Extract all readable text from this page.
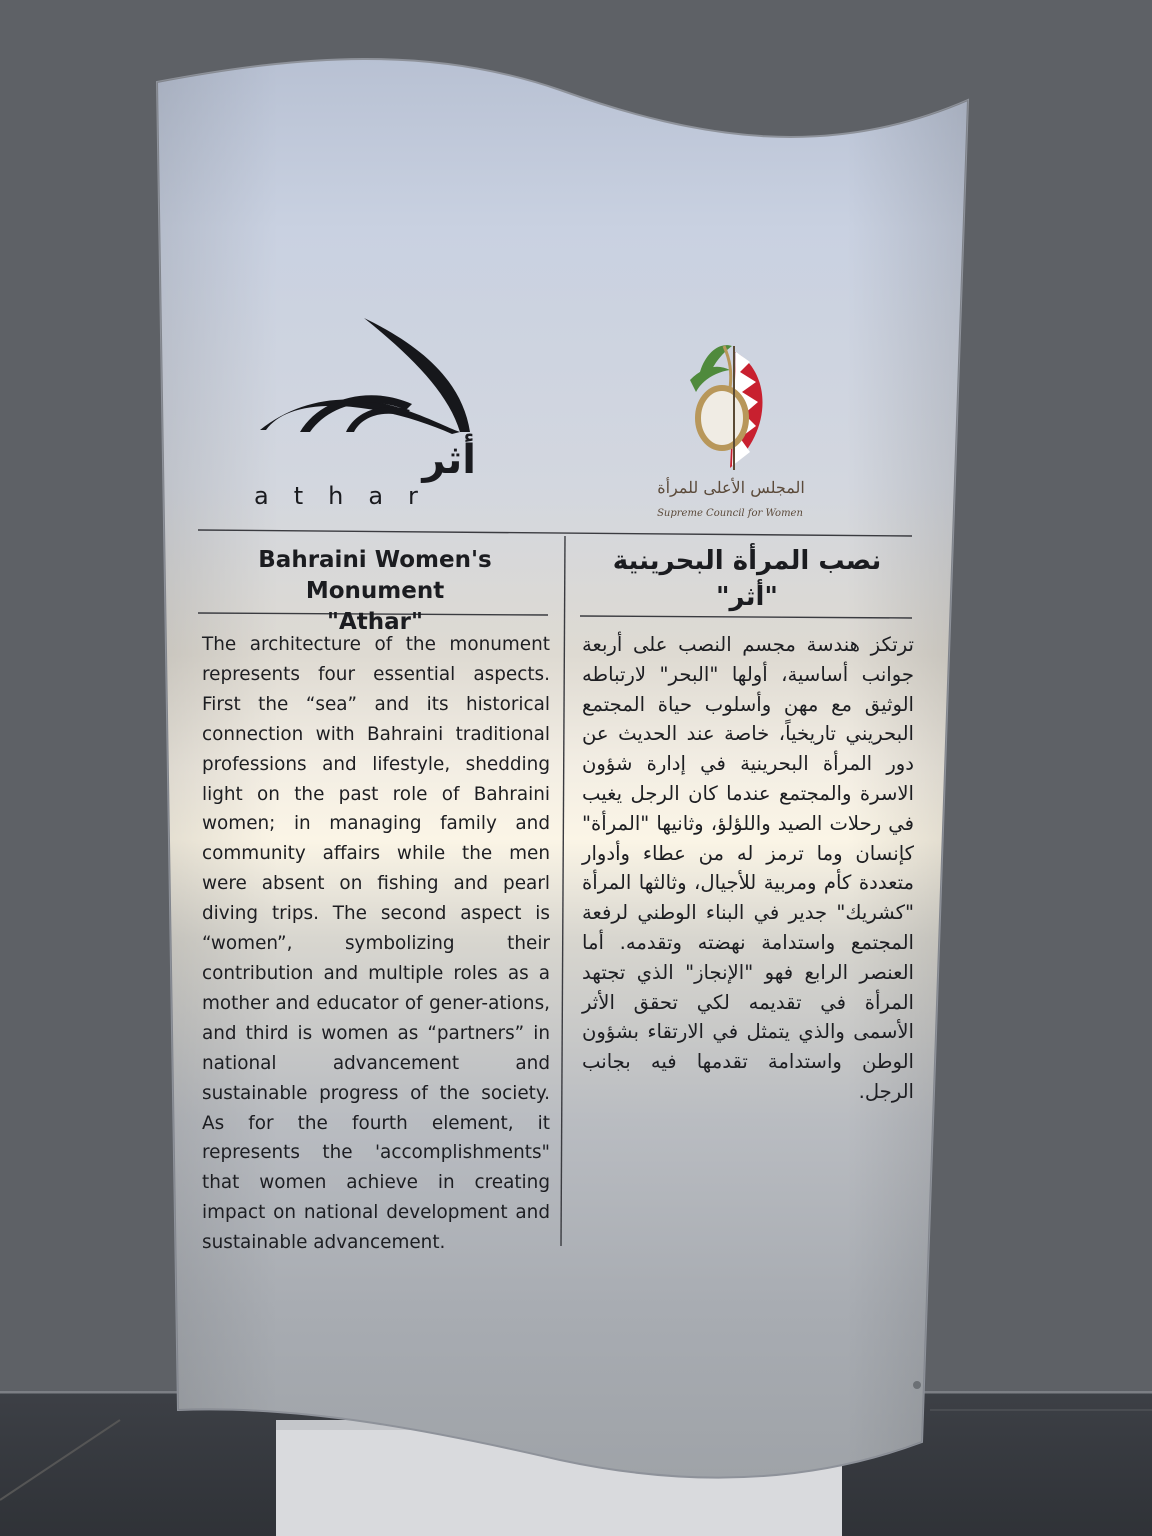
أثر
athar	المجلس الأعلى للمرأة
Supreme Council for Women
Bahraini Women's Monument
"Athar"
The architecture of the monument represents four essential aspects. First the “sea” and its historical connection with Bahraini traditional professions and lifestyle, shedding light on the past role of Bahraini women; in managing family and community affairs while the men were absent on fishing and pearl diving trips. The second aspect is “women”, symbolizing their contribution and multiple roles as a mother and educator of gener-ations, and third is women as “partners” in national advancement and sustainable progress of the society. As for the fourth element, it represents the 'accomplishments" that women achieve in creating impact on national development and sustainable advancement.
نصب المرأة البحرينية
"أثر"
ترتكز هندسة مجسم النصب على أربعة جوانب أساسية، أولها "البحر" لارتباطه الوثيق مع مهن وأسلوب حياة المجتمع البحريني تاريخياً، خاصة عند الحديث عن دور المرأة البحرينية في إدارة شؤون الاسرة والمجتمع عندما كان الرجل يغيب في رحلات الصيد واللؤلؤ، وثانيها "المرأة" كإنسان وما ترمز له من عطاء وأدوار متعددة كأم ومربية للأجيال، وثالثها المرأة "كشريك" جدير في البناء الوطني لرفعة المجتمع واستدامة نهضته وتقدمه. أما العنصر الرابع فهو "الإنجاز" الذي تجتهد المرأة في تقديمه لكي تحقق الأثر الأسمى والذي يتمثل في الارتقاء بشؤون الوطن واستدامة تقدمها فيه بجانب الرجل.
